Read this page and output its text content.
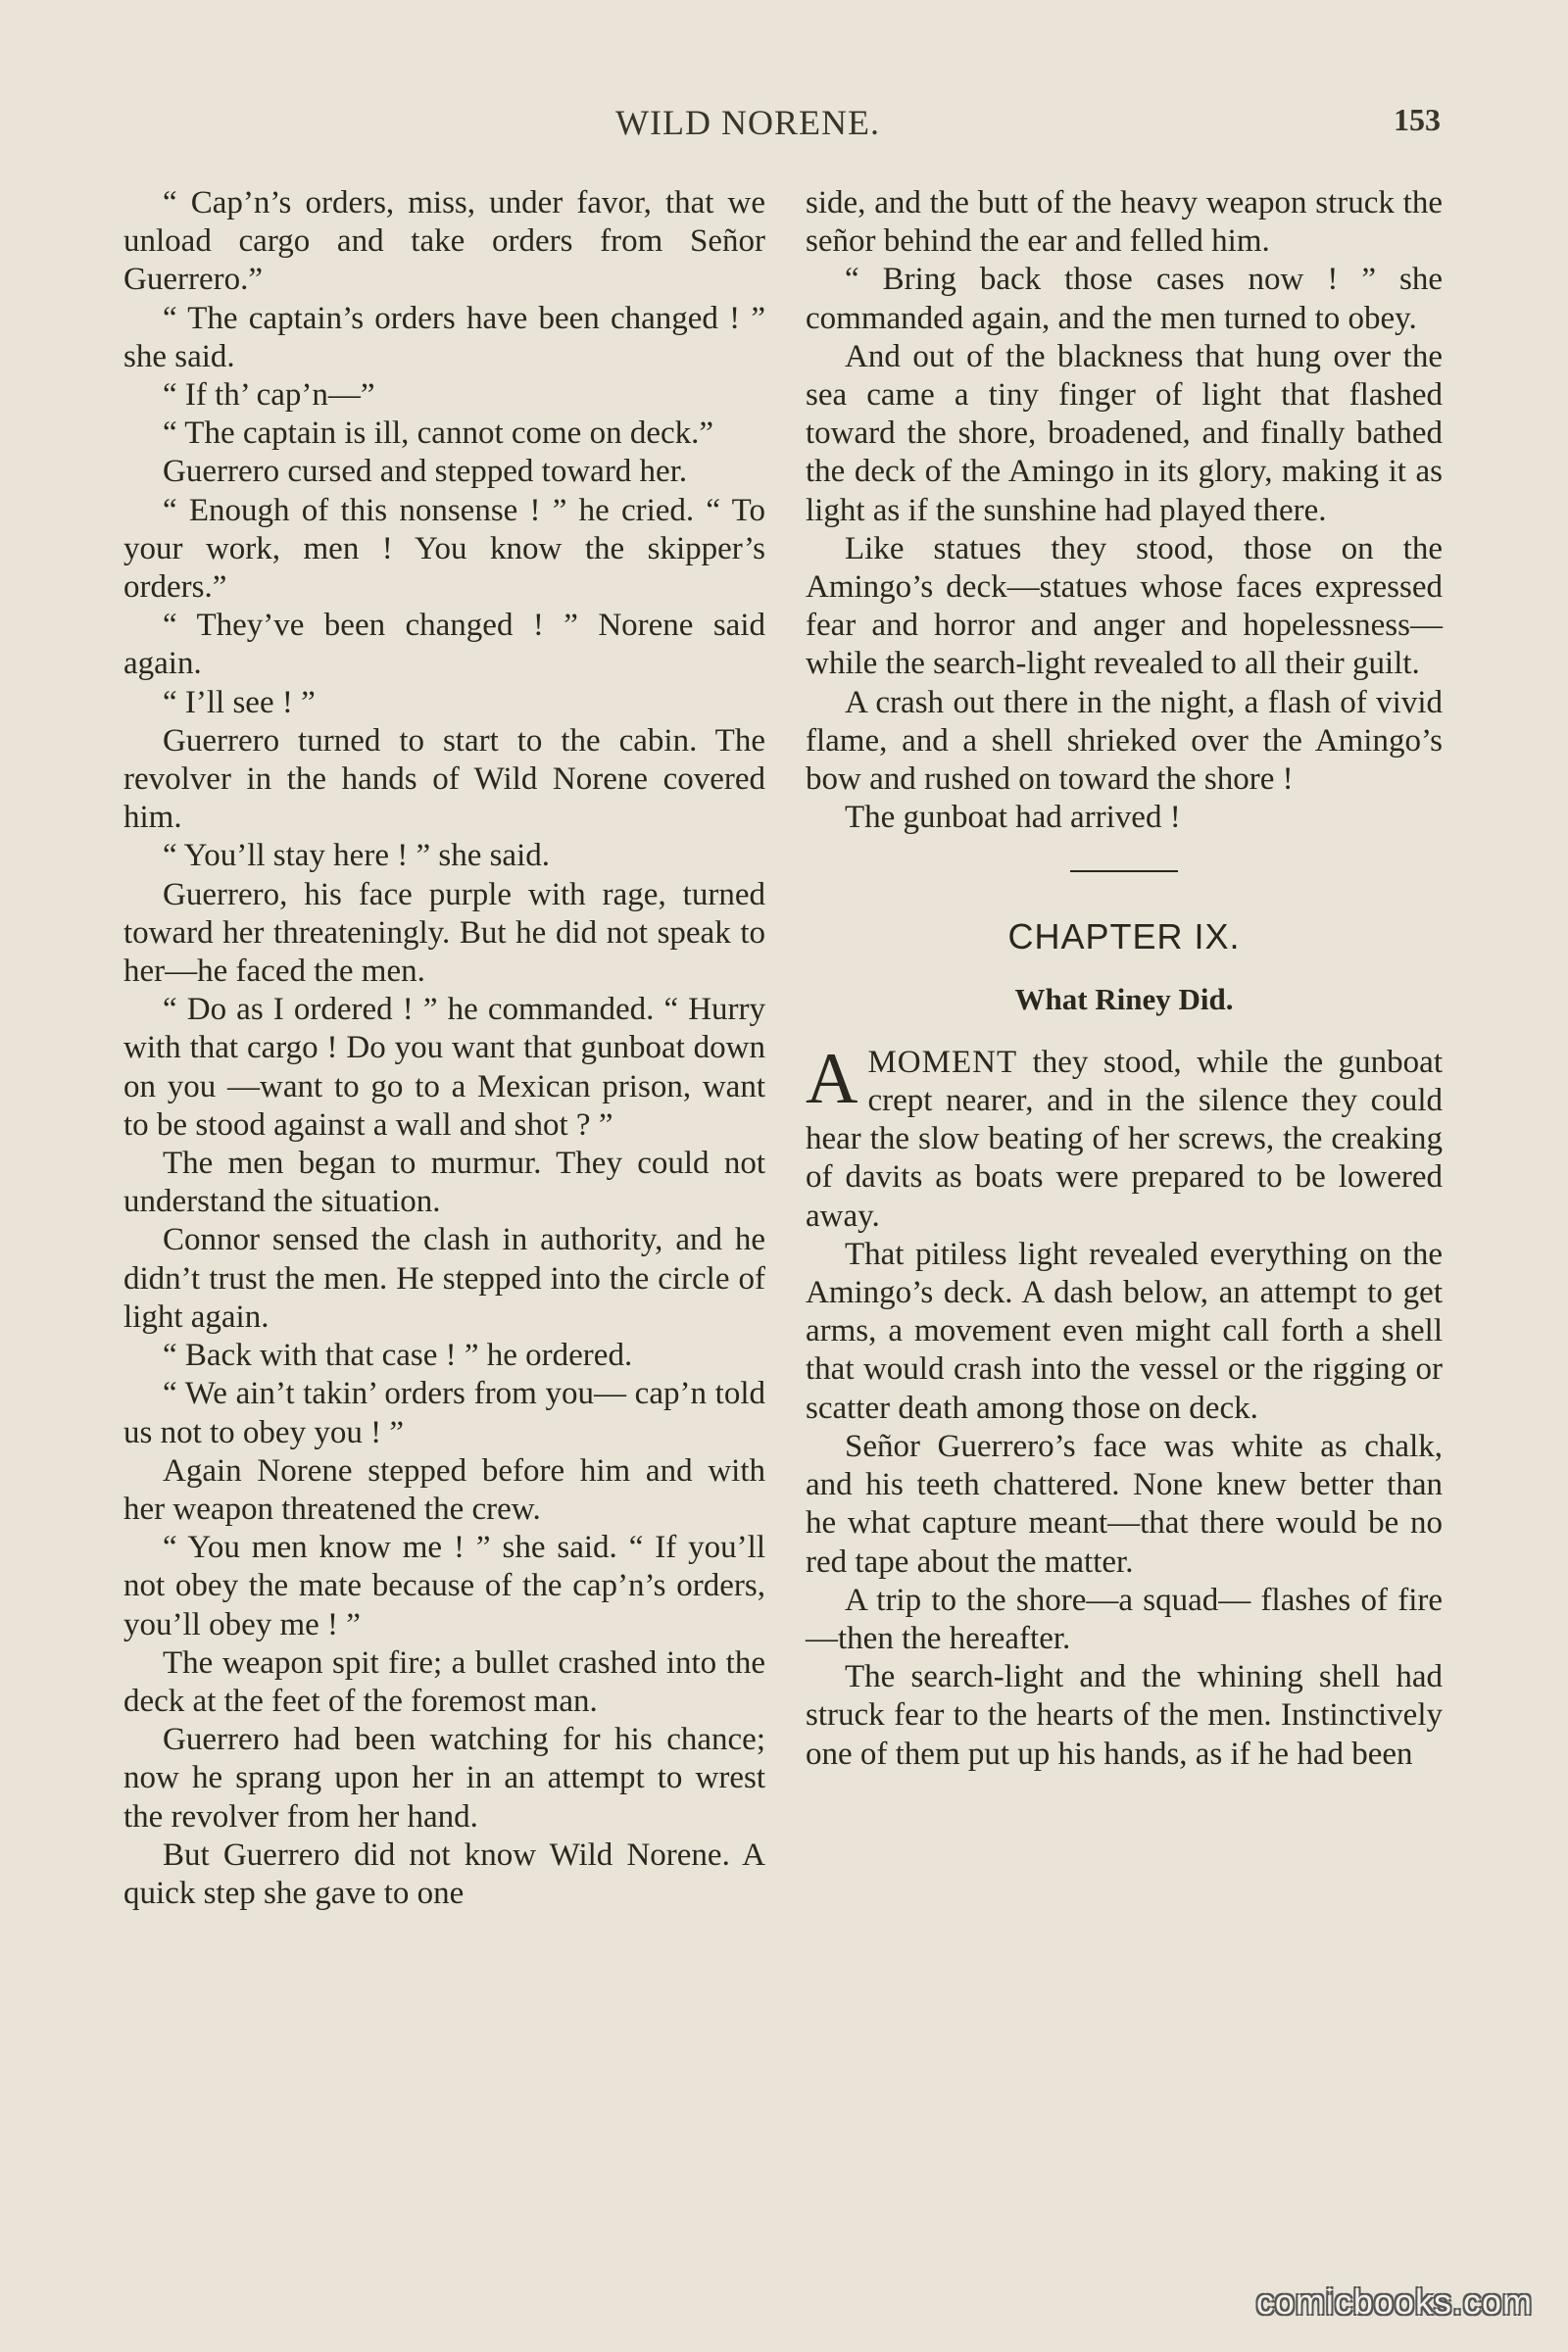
WILD NORENE.	153

“ Cap’n’s orders, miss, under favor, that we unload cargo and take orders from Señor Guerrero.”

“ The captain’s orders have been changed ! ” she said.

“ If th’ cap’n—”

“ The captain is ill, cannot come on deck.”

Guerrero cursed and stepped toward her.

“ Enough of this nonsense ! ” he cried. “ To your work, men ! You know the skipper’s orders.”

“ They’ve been changed ! ” Norene said again.

“ I’ll see ! ”

Guerrero turned to start to the cabin. The revolver in the hands of Wild Norene covered him.

“ You’ll stay here ! ” she said.

Guerrero, his face purple with rage, turned toward her threateningly. But he did not speak to her—he faced the men.

“ Do as I ordered ! ” he commanded. “ Hurry with that cargo ! Do you want that gunboat down on you —want to go to a Mexican prison, want to be stood against a wall and shot ? ”

The men began to murmur. They could not understand the situation.

Connor sensed the clash in authority, and he didn’t trust the men. He stepped into the circle of light again.

“ Back with that case ! ” he ordered.

“ We ain’t takin’ orders from you— cap’n told us not to obey you ! ”

Again Norene stepped before him and with her weapon threatened the crew.

“ You men know me ! ” she said. “ If you’ll not obey the mate because of the cap’n’s orders, you’ll obey me ! ”

The weapon spit fire; a bullet crashed into the deck at the feet of the foremost man.

Guerrero had been watching for his chance; now he sprang upon her in an attempt to wrest the revolver from her hand.

But Guerrero did not know Wild Norene. A quick step she gave to one

side, and the butt of the heavy weapon struck the señor behind the ear and felled him.

“ Bring back those cases now ! ” she commanded again, and the men turned to obey.

And out of the blackness that hung over the sea came a tiny finger of light that flashed toward the shore, broadened, and finally bathed the deck of the Amingo in its glory, making it as light as if the sunshine had played there.

Like statues they stood, those on the Amingo’s deck—statues whose faces expressed fear and horror and anger and hopelessness—while the search-light revealed to all their guilt.

A crash out there in the night, a flash of vivid flame, and a shell shrieked over the Amingo’s bow and rushed on toward the shore !

The gunboat had arrived !

CHAPTER IX.
What Riney Did.

AMOMENT they stood, while the gunboat crept nearer, and in the silence they could hear the slow beating of her screws, the creaking of davits as boats were prepared to be lowered away.

That pitiless light revealed everything on the Amingo’s deck. A dash below, an attempt to get arms, a movement even might call forth a shell that would crash into the vessel or the rigging or scatter death among those on deck.

Señor Guerrero’s face was white as chalk, and his teeth chattered. None knew better than he what capture meant—that there would be no red tape about the matter.

A trip to the shore—a squad— flashes of fire—then the hereafter.

The search-light and the whining shell had struck fear to the hearts of the men. Instinctively one of them put up his hands, as if he had been

comicbooks.com
